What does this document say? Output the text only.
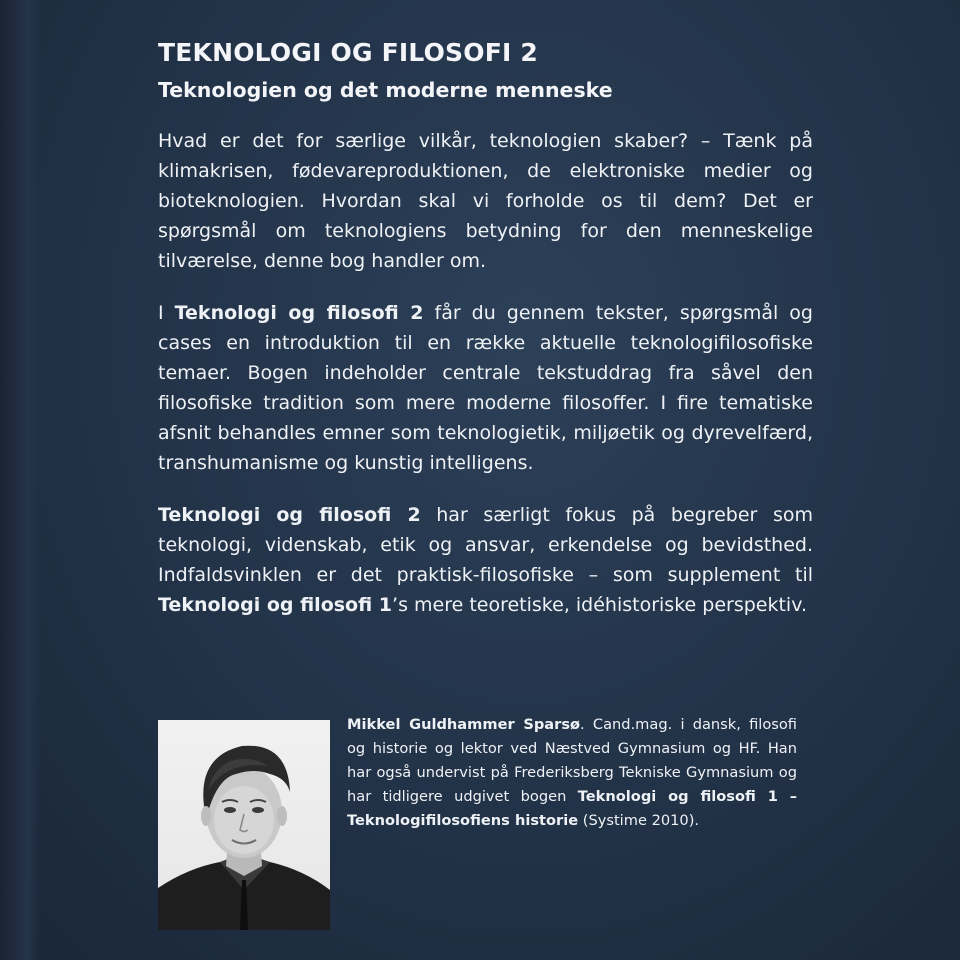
TEKNOLOGI OG FILOSOFI 2
Teknologien og det moderne menneske

Hvad er det for særlige vilkår, teknologien skaber? – Tænk på klimakrisen, fødevareproduktionen, de elektroniske medier og bioteknologien. Hvordan skal vi forholde os til dem? Det er spørgsmål om teknologiens betydning for den menneskelige tilværelse, denne bog handler om.

I Teknologi og filosofi 2 får du gennem tekster, spørgsmål og cases en introduktion til en række aktuelle teknologifilosofiske temaer. Bogen indeholder centrale tekstuddrag fra såvel den filosofiske tradition som mere moderne filosoffer. I fire tematiske afsnit behandles emner som teknologietik, miljøetik og dyrevelfærd, transhumanisme og kunstig intelligens.

Teknologi og filosofi 2 har særligt fokus på begreber som teknologi, videnskab, etik og ansvar, erkendelse og bevidsthed. Indfaldsvinklen er det praktisk-filosofiske – som supplement til Teknologi og filosofi 1’s mere teoretiske, idéhistoriske perspektiv.

Mikkel Guldhammer Sparsø. Cand.mag. i dansk, filosofi og historie og lektor ved Næstved Gymnasium og HF. Han har også undervist på Frederiksberg Tekniske Gymnasium og har tidligere udgivet bogen Teknologi og filosofi 1 – Teknologifilosofiens historie (Systime 2010).
